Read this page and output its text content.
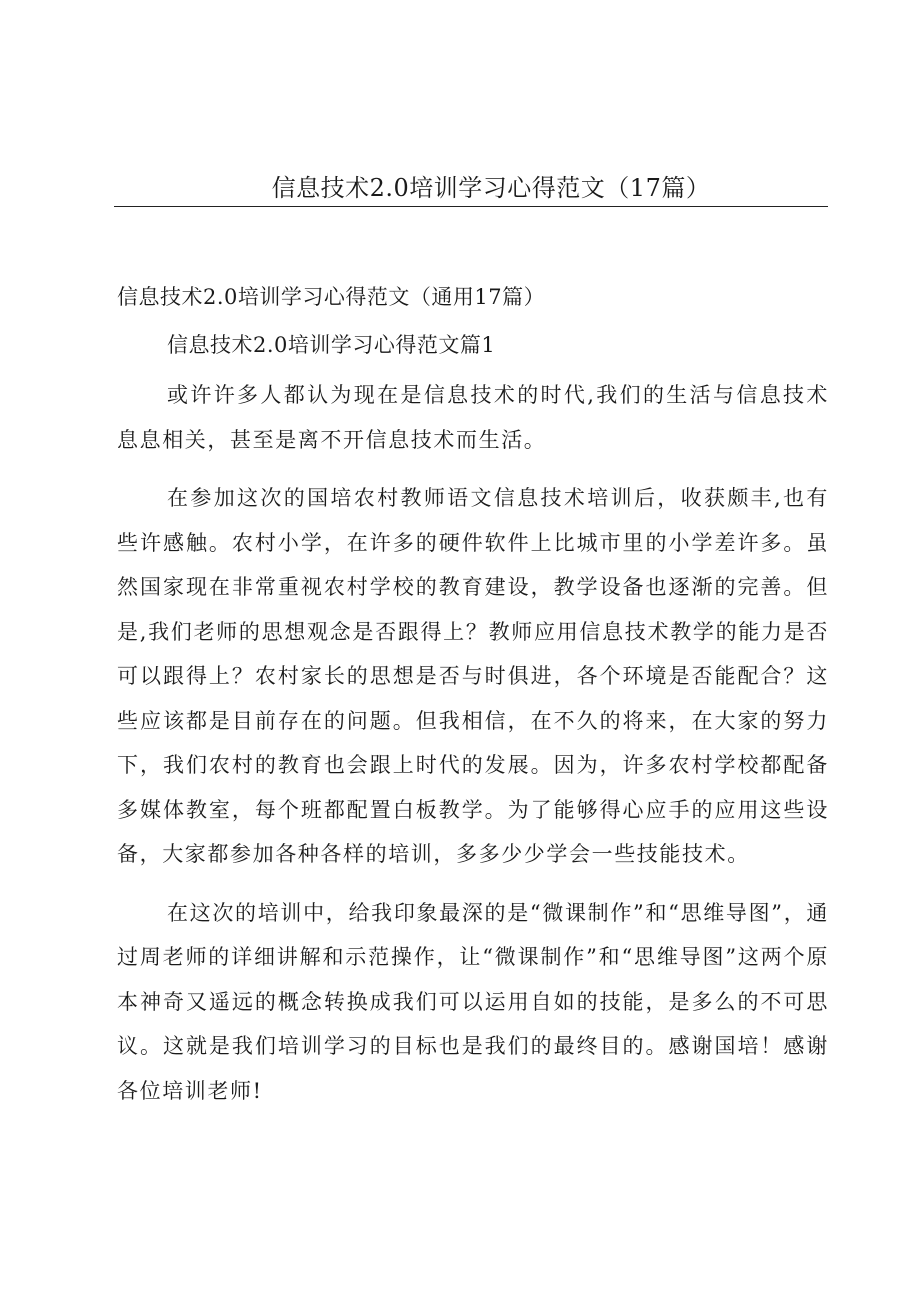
信息技术2.0培训学习心得范文（17篇）

信息技术2.0培训学习心得范文（通用17篇）

信息技术2.0培训学习心得范文篇1

或许许多人都认为现在是信息技术的时代,我们的生活与信息技术息息相关，甚至是离不开信息技术而生活。

在参加这次的国培农村教师语文信息技术培训后，收获颇丰,也有些许感触。农村小学，在许多的硬件软件上比城市里的小学差许多。虽然国家现在非常重视农村学校的教育建设，教学设备也逐渐的完善。但是,我们老师的思想观念是否跟得上？教师应用信息技术教学的能力是否可以跟得上？农村家长的思想是否与时俱进，各个环境是否能配合？这些应该都是目前存在的问题。但我相信，在不久的将来，在大家的努力下，我们农村的教育也会跟上时代的发展。因为，许多农村学校都配备多媒体教室，每个班都配置白板教学。为了能够得心应手的应用这些设备，大家都参加各种各样的培训，多多少少学会一些技能技术。

在这次的培训中，给我印象最深的是“微课制作”和“思维导图”，通过周老师的详细讲解和示范操作，让“微课制作”和“思维导图”这两个原本神奇又遥远的概念转换成我们可以运用自如的技能，是多么的不可思议。这就是我们培训学习的目标也是我们的最终目的。感谢国培！感谢各位培训老师!
